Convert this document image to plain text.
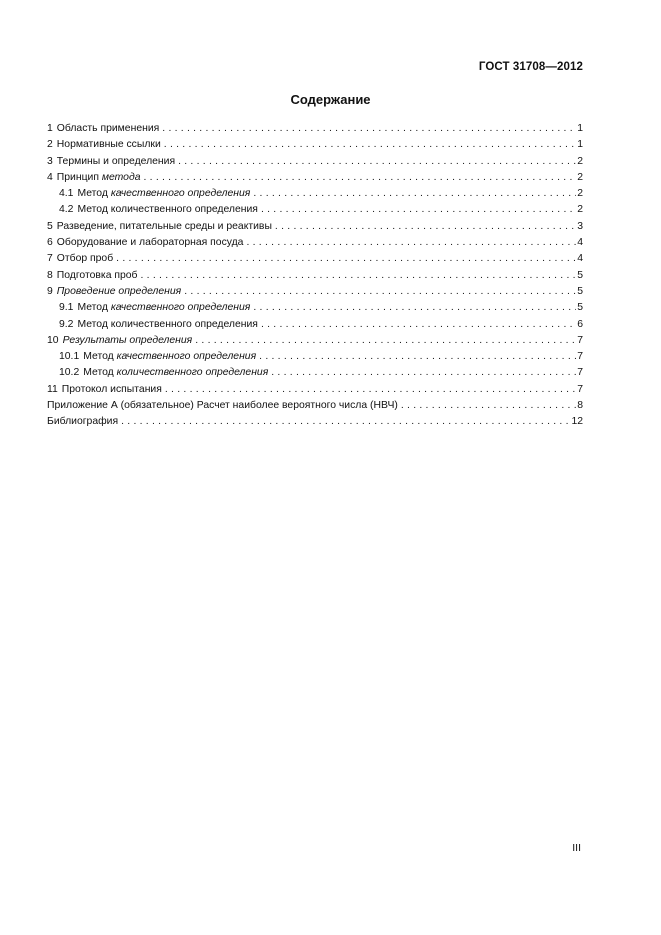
ГОСТ 31708—2012
Содержание
1 Область применения . . .	1
2 Нормативные ссылки . . .	1
3 Термины и определения . . .	2
4 Принцип метода . . .	2
4.1 Метод качественного определения . . .	2
4.2 Метод количественного определения . . .	2
5 Разведение, питательные среды и реактивы . . .	3
6 Оборудование и лабораторная посуда . . .	4
7 Отбор проб . . .	4
8 Подготовка проб . . .	5
9 Проведение определения . . .	5
9.1 Метод качественного определения . . .	5
9.2 Метод количественного определения . . .	6
10 Результаты определения . . .	7
10.1 Метод качественного определения . . .	7
10.2 Метод количественного определения . . .	7
11 Протокол испытания . . .	7
Приложение А (обязательное) Расчет наиболее вероятного числа (НВЧ) . . .	8
Библиография . . .	12
III
